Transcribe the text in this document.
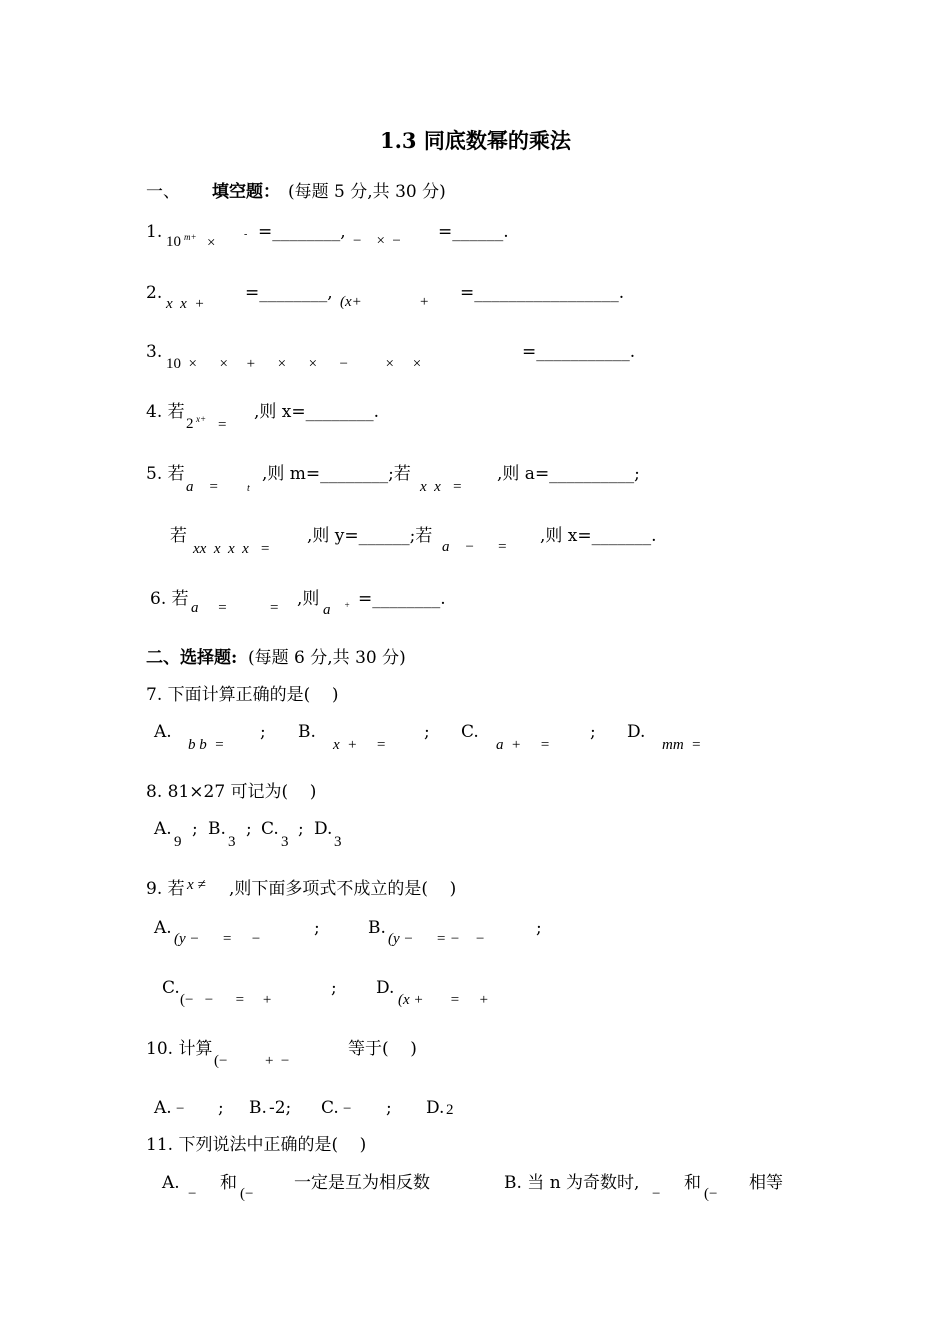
1.3 同底数幂的乘法
一、 填空题： (每题 5 分,共 30 分)
1. 10 m+ ×
- =________, −    ×  − =______.
2.
x  x  +
=________, (x+	+ =_________________.
3.
10  ×      ×     +      ×      ×      −          ×     ×
=___________.
4. 若
2 x+ =
,则 x=________.
5. 若
a    =	t
,则 m=________;若
x  x   =
,则 a=__________;
若
xx  x  x  x   =
,则 y=______;若
a    −      =
,则 x=_______.
6. 若 a     =	= ,则
a + =________.
二、选择题: (每题 6 分,共 30 分)
7. 下面计算正确的是(    )
A.
b b  =
; B.
x  +     =
; C.
a  +     =
; D.
mm  =
8. 81×27 可记为(    )
A.
9
; B.
3
; C.
3
; D.
3
9. 若 x ≠ ,则下面多项式不成立的是(    )
A.
(y −      =     −
;	B.
(y −      = −    −
;
C.
(−   −      =     +
; D.
(x +       =     +
10. 计算
(−          +  −
等于(    )
A. − ; B. -2; C. − ; D. 2
11. 下列说法中正确的是(    )
A.
−
和
(−
一定是互为相反数	B. 当 n 为奇数时,
−
和
(−
相等
